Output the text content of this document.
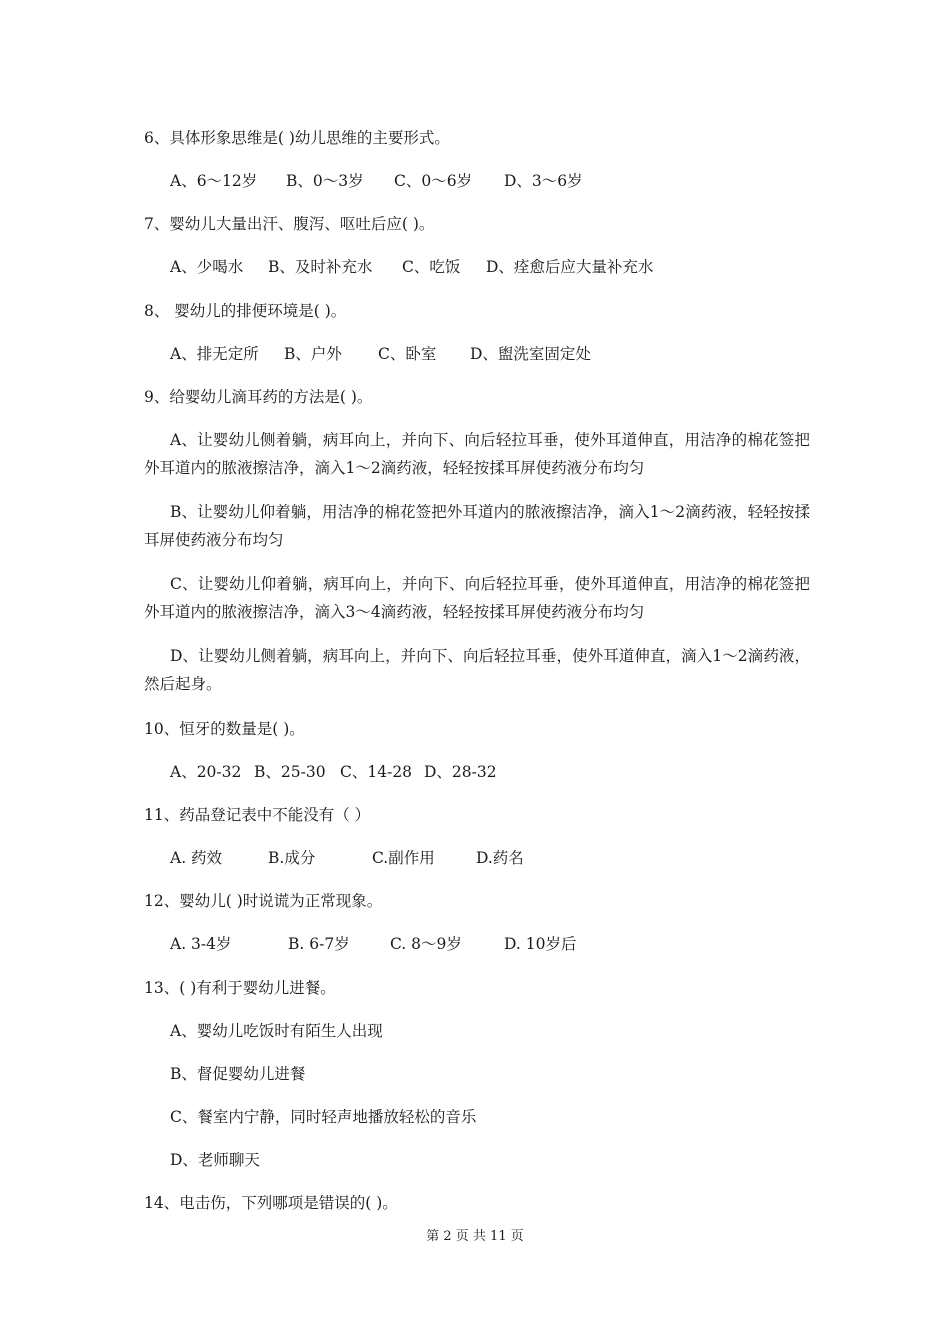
6、具体形象思维是( )幼儿思维的主要形式。
A、6～12岁 B、0～3岁 C、0～6岁 D、3～6岁
7、婴幼儿大量出汗、腹泻、呕吐后应( )。
A、少喝水 B、及时补充水 C、吃饭 D、痊愈后应大量补充水
8、 婴幼儿的排便环境是( )。
A、排无定所 B、户外 C、卧室 D、盥洗室固定处
9、给婴幼儿滴耳药的方法是( )。
A、让婴幼儿侧着躺，病耳向上，并向下、向后轻拉耳垂，使外耳道伸直，用洁净的棉花签把外耳道内的脓液擦洁净，滴入1～2滴药液，轻轻按揉耳屏使药液分布均匀
B、让婴幼儿仰着躺，用洁净的棉花签把外耳道内的脓液擦洁净，滴入1～2滴药液，轻轻按揉耳屏使药液分布均匀
C、让婴幼儿仰着躺，病耳向上，并向下、向后轻拉耳垂，使外耳道伸直，用洁净的棉花签把外耳道内的脓液擦洁净，滴入3～4滴药液，轻轻按揉耳屏使药液分布均匀
D、让婴幼儿侧着躺，病耳向上，并向下、向后轻拉耳垂，使外耳道伸直，滴入1～2滴药液，然后起身。
10、恒牙的数量是( )。
A、20-32 B、25-30 C、14-28 D、28-32
11、药品登记表中不能没有（ ）
A. 药效	B.成分	C.副作用	D.药名
12、婴幼儿( )时说谎为正常现象。
A. 3-4岁	B. 6-7岁	C. 8～9岁	D. 10岁后
13、( )有利于婴幼儿进餐。
A、婴幼儿吃饭时有陌生人出现
B、督促婴幼儿进餐
C、餐室内宁静，同时轻声地播放轻松的音乐
D、老师聊天
14、电击伤，下列哪项是错误的( )。
第 2 页 共 11 页
